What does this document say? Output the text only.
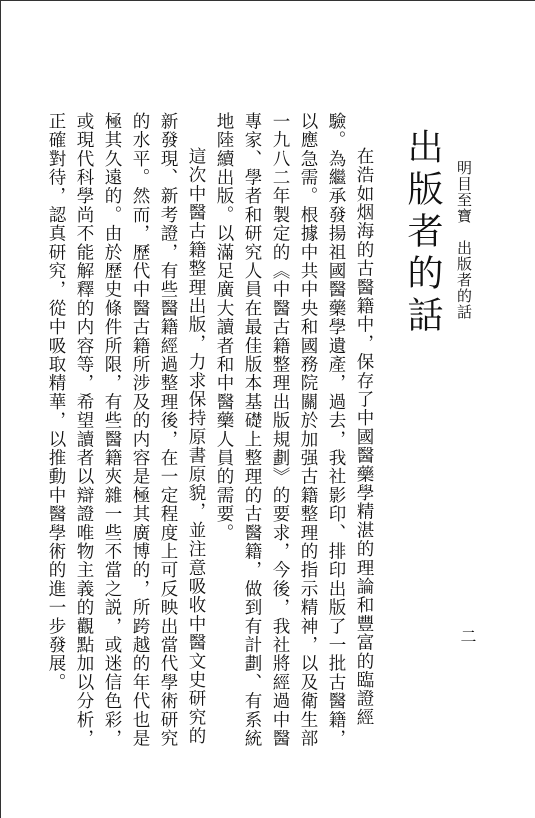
明目至寶　出版者的話
二
出版者的話

在浩如烟海的古醫籍中，保存了中國醫藥學精湛的理論和豐富的臨證經驗。為繼承發揚祖國醫藥學遺產，過去，我社影印、排印出版了一批古醫籍，以應急需。根據中共中央和國務院關於加强古籍整理的指示精神，以及衛生部一九八二年製定的《中醫古籍整理出版規劃》的要求，今後，我社將經過中醫專家、學者和研究人員在最佳版本基礎上整理的古醫籍，做到有計劃、有系統地陸續出版。以滿足廣大讀者和中醫藥人員的需要。

這次中醫古籍整理出版，力求保持原書原貌，並注意吸收中醫文史研究的新發現、新考證，有些醫籍經過整理後，在一定程度上可反映出當代學術研究的水平。然而，歷代中醫古籍所涉及的内容是極其廣博的，所跨越的年代也是極其久遠的。由於歷史條件所限，有些醫籍夾雜一些不當之説，或迷信色彩，或現代科學尚不能解釋的内容等，希望讀者以辯證唯物主義的觀點加以分析，正確對待，認真研究，從中吸取精華，以推動中醫學術的進一步發展。
